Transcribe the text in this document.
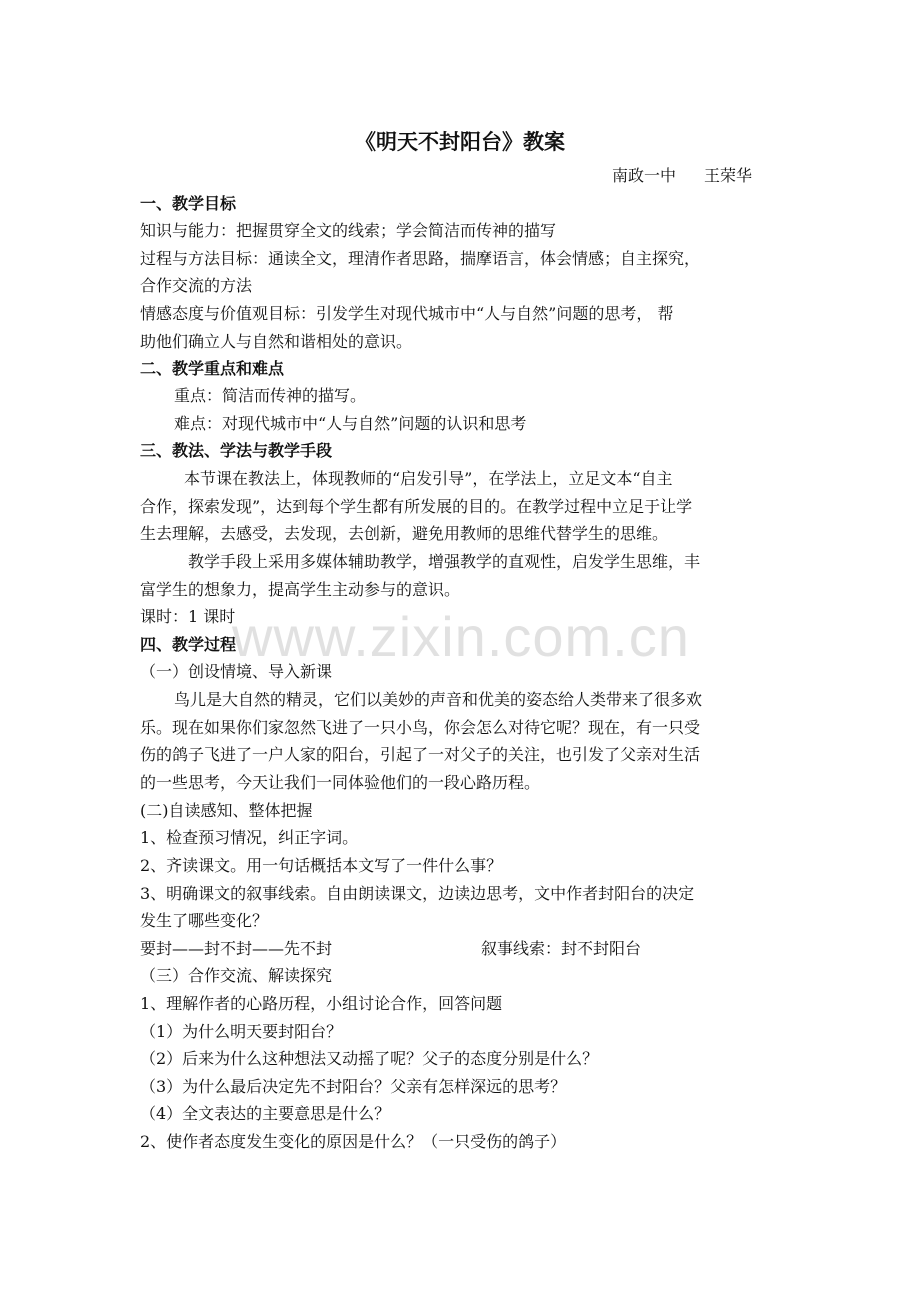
《明天不封阳台》教案
南政一中 王荣华
一、教学目标
知识与能力：把握贯穿全文的线索；学会简洁而传神的描写
过程与方法目标：通读全文，理清作者思路，揣摩语言，体会情感；自主探究，
合作交流的方法
情感态度与价值观目标：引发学生对现代城市中“人与自然”问题的思考， 帮
助他们确立人与自然和谐相处的意识。
二、教学重点和难点
重点：简洁而传神的描写。
难点：对现代城市中“人与自然”问题的认识和思考
三、教法、学法与教学手段
本节课在教法上，体现教师的“启发引导”，在学法上，立足文本“自主
合作，探索发现”，达到每个学生都有所发展的目的。在教学过程中立足于让学
生去理解，去感受，去发现，去创新，避免用教师的思维代替学生的思维。
教学手段上采用多媒体辅助教学，增强教学的直观性，启发学生思维，丰
富学生的想象力，提高学生主动参与的意识。
课时：1 课时
四、教学过程
（一）创设情境、导入新课
鸟儿是大自然的精灵，它们以美妙的声音和优美的姿态给人类带来了很多欢
乐。现在如果你们家忽然飞进了一只小鸟，你会怎么对待它呢？现在，有一只受
伤的鸽子飞进了一户人家的阳台，引起了一对父子的关注，也引发了父亲对生活
的一些思考，今天让我们一同体验他们的一段心路历程。
(二)自读感知、整体把握
1、检查预习情况，纠正字词。
2、齐读课文。用一句话概括本文写了一件什么事？
3、明确课文的叙事线索。自由朗读课文，边读边思考，文中作者封阳台的决定
发生了哪些变化？
要封——封不封——先不封	叙事线索：封不封阳台
（三）合作交流、解读探究
1、理解作者的心路历程，小组讨论合作，回答问题
（1）为什么明天要封阳台？
（2）后来为什么这种想法又动摇了呢？父子的态度分别是什么？
（3）为什么最后决定先不封阳台？父亲有怎样深远的思考？
（4）全文表达的主要意思是什么？
2、使作者态度发生变化的原因是什么？（一只受伤的鸽子）
www.zixin.com.cn
